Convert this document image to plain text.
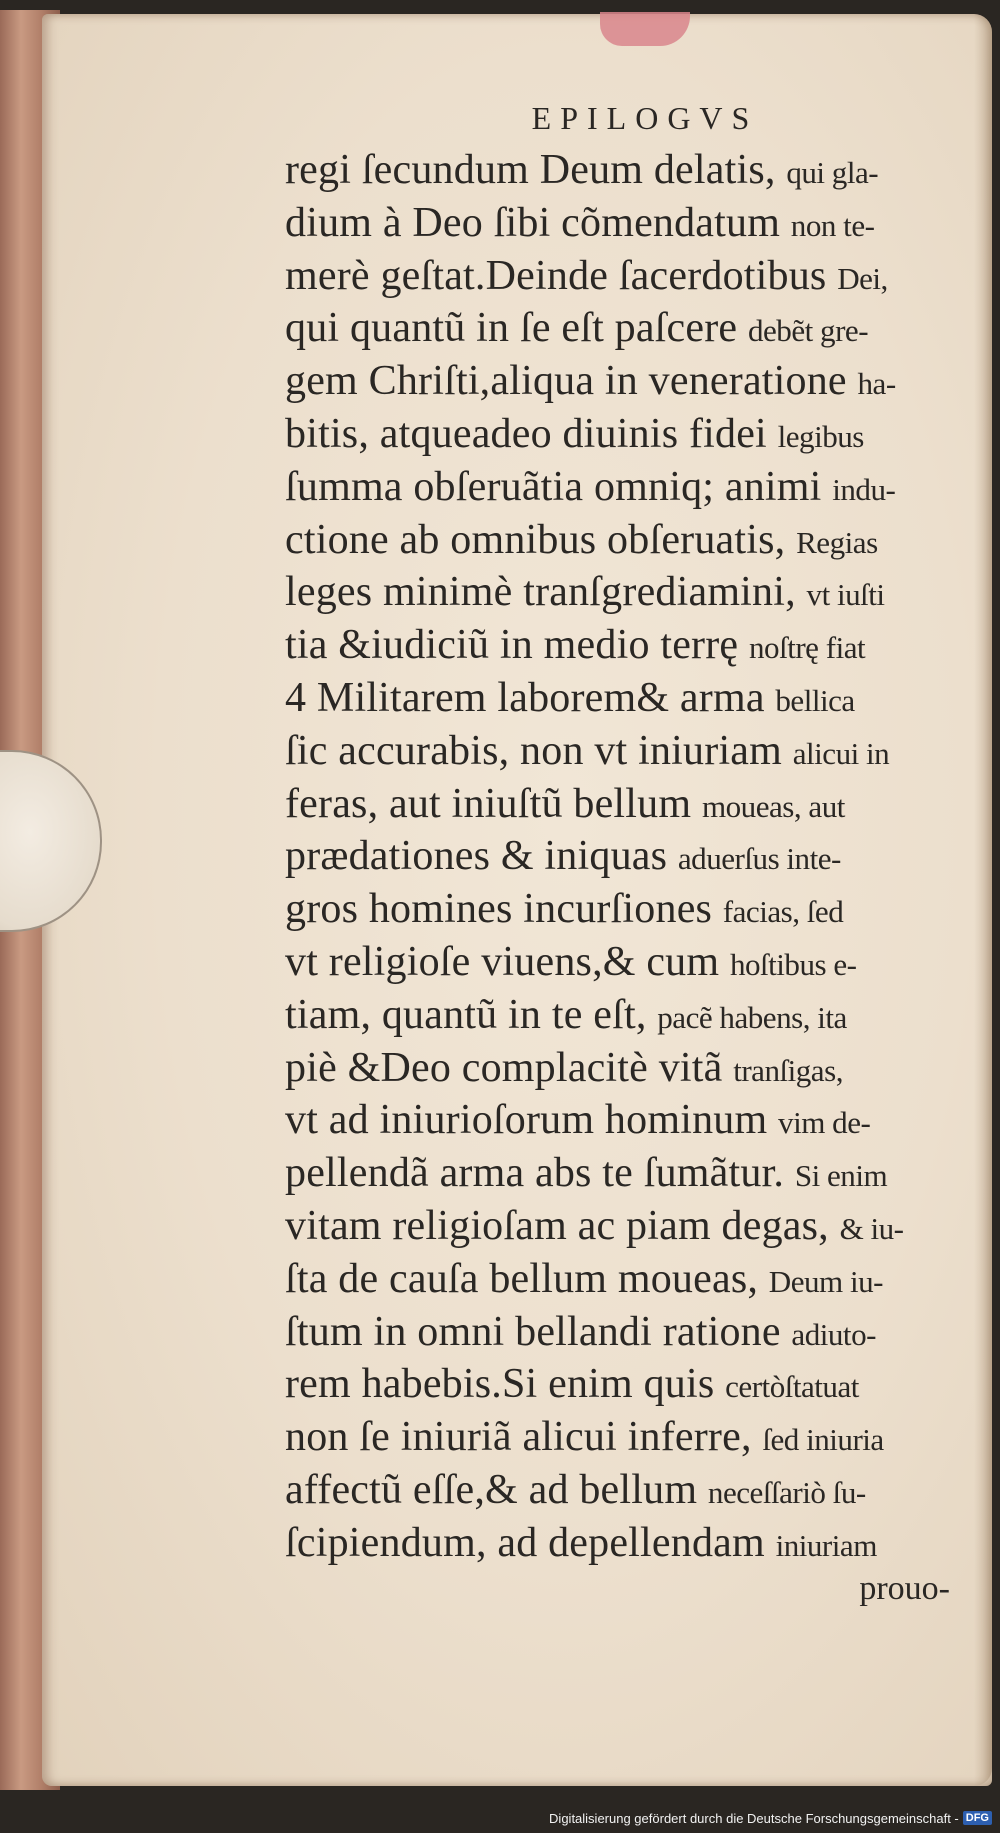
EPILOGVS
regi ſecundum Deum delatis, qui gla-
dium à Deo ſibi cõmendatum non te-
merè geſtat.Deinde ſacerdotibus Dei,
qui quantũ in ſe eſt paſcere debẽt gre-
gem Chriſti,aliqua in veneratione ha-
bitis, atqueadeo diuinis fidei legibus
ſumma obſeruãtia omniq; animi indu-
ctione ab omnibus obſeruatis, Regias
leges minimè tranſgrediamini, vt iuſti
tia &iudiciũ in medio terrę noſtrę fiat
4 Militarem laborem& arma bellica
ſic accurabis, non vt iniuriam alicui in
feras, aut iniuſtũ bellum moueas, aut
prædationes & iniquas aduerſus inte-
gros homines incurſiones facias, ſed
vt religioſe viuens,& cum hoſtibus e-
tiam, quantũ in te eſt, pacẽ habens, ita
piè &Deo complacitè vitã tranſigas,
vt ad iniurioſorum hominum vim de-
pellendã arma abs te ſumãtur. Si enim
vitam religioſam ac piam degas, & iu-
ſta de cauſa bellum moueas, Deum iu-
ſtum in omni bellandi ratione adiuto-
rem habebis.Si enim quis certòſtatuat
non ſe iniuriã alicui inferre, ſed iniuria
affectũ eſſe,& ad bellum neceſſariò ſu-
ſcipiendum, ad depellendam iniuriam
prouo-
Digitalisierung gefördert durch die Deutsche Forschungsgemeinschaft - DFG
